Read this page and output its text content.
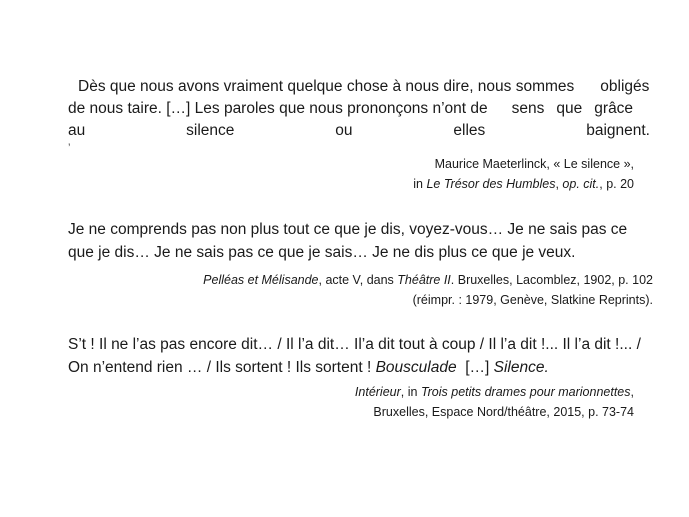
Dès que nous avons vraiment quelque chose à nous dire, nous sommes obligés
de nous taire. […] Les paroles que nous prononçons n’ont de sens que grâce
au	silence	ou	elles	baignent.
’
Maurice Maeterlinck, « Le silence »,
in Le Trésor des Humbles, op. cit., p. 20
Je ne comprends pas non plus tout ce que je dis, voyez-vous… Je ne sais pas ce que je dis… Je ne sais pas ce que je sais… Je ne dis plus ce que je veux.
Pelléas et Mélisande, acte V, dans Théâtre II. Bruxelles, Lacomblez, 1902, p. 102
(réimpr. : 1979, Genève, Slatkine Reprints).
S’t ! Il ne l’as pas encore dit… / Il l’a dit… Il’a dit tout à coup / Il l’a dit !... Il l’a dit !... / On n’entend rien … / Ils sortent ! Ils sortent ! Bousculade  […] Silence.
Intérieur, in Trois petits drames pour marionnettes,
Bruxelles, Espace Nord/théâtre, 2015, p. 73-74
